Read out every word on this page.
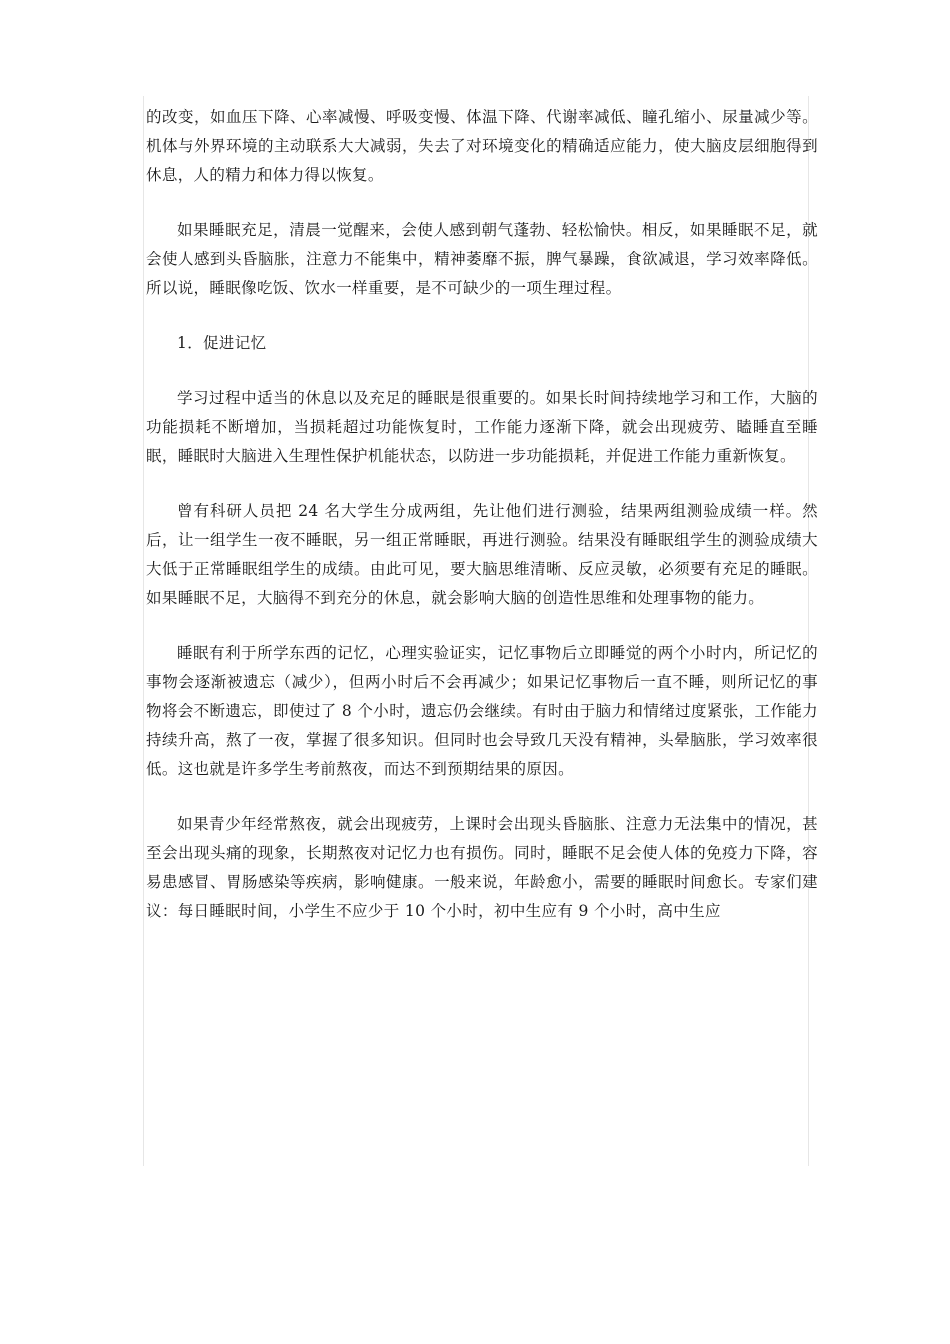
的改变，如血压下降、心率减慢、呼吸变慢、体温下降、代谢率减低、瞳孔缩小、尿量减少等。机体与外界环境的主动联系大大减弱，失去了对环境变化的精确适应能力，使大脑皮层细胞得到休息，人的精力和体力得以恢复。

如果睡眠充足，清晨一觉醒来，会使人感到朝气蓬勃、轻松愉快。相反，如果睡眠不足，就会使人感到头昏脑胀，注意力不能集中，精神萎靡不振，脾气暴躁，食欲减退，学习效率降低。所以说，睡眠像吃饭、饮水一样重要，是不可缺少的一项生理过程。

1．促进记忆

学习过程中适当的休息以及充足的睡眠是很重要的。如果长时间持续地学习和工作，大脑的功能损耗不断增加，当损耗超过功能恢复时，工作能力逐渐下降，就会出现疲劳、瞌睡直至睡眠，睡眠时大脑进入生理性保护机能状态，以防进一步功能损耗，并促进工作能力重新恢复。

曾有科研人员把 24 名大学生分成两组，先让他们进行测验，结果两组测验成绩一样。然后，让一组学生一夜不睡眠，另一组正常睡眠，再进行测验。结果没有睡眠组学生的测验成绩大大低于正常睡眠组学生的成绩。由此可见，要大脑思维清晰、反应灵敏，必须要有充足的睡眠。如果睡眠不足，大脑得不到充分的休息，就会影响大脑的创造性思维和处理事物的能力。

睡眠有利于所学东西的记忆，心理实验证实，记忆事物后立即睡觉的两个小时内，所记忆的事物会逐渐被遗忘（减少），但两小时后不会再减少；如果记忆事物后一直不睡，则所记忆的事物将会不断遗忘，即使过了 8 个小时，遗忘仍会继续。有时由于脑力和情绪过度紧张，工作能力持续升高，熬了一夜，掌握了很多知识。但同时也会导致几天没有精神，头晕脑胀，学习效率很低。这也就是许多学生考前熬夜，而达不到预期结果的原因。

如果青少年经常熬夜，就会出现疲劳，上课时会出现头昏脑胀、注意力无法集中的情况，甚至会出现头痛的现象，长期熬夜对记忆力也有损伤。同时，睡眠不足会使人体的免疫力下降，容易患感冒、胃肠感染等疾病，影响健康。一般来说，年龄愈小，需要的睡眠时间愈长。专家们建议：每日睡眠时间，小学生不应少于 10 个小时，初中生应有 9 个小时，高中生应
